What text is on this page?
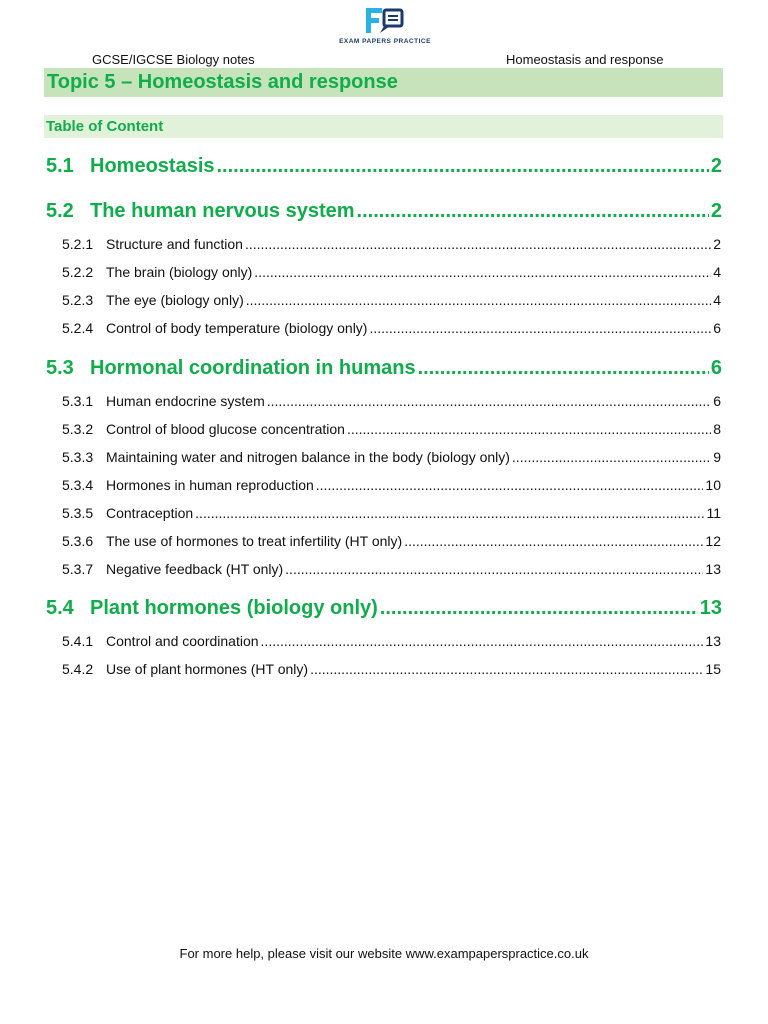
EXAM PAPERS PRACTICE
GCSE/IGCSE Biology notes	Homeostasis and response
Topic 5 – Homeostasis and response
Table of Content
5.1 Homeostasis .....	2
5.2 The human nervous system .....	2
5.2.1 Structure and function .....	2
5.2.2 The brain (biology only) .....	4
5.2.3 The eye (biology only) .....	4
5.2.4 Control of body temperature (biology only) .....	6
5.3 Hormonal coordination in humans .....	6
5.3.1 Human endocrine system .....	6
5.3.2 Control of blood glucose concentration .....	8
5.3.3 Maintaining water and nitrogen balance in the body (biology only) .....	9
5.3.4 Hormones in human reproduction .....	10
5.3.5 Contraception .....	11
5.3.6 The use of hormones to treat infertility (HT only) .....	12
5.3.7 Negative feedback (HT only) .....	13
5.4 Plant hormones (biology only) .....	13
5.4.1 Control and coordination .....	13
5.4.2 Use of plant hormones (HT only) .....	15
For more help, please visit our website www.exampaperspractice.co.uk
